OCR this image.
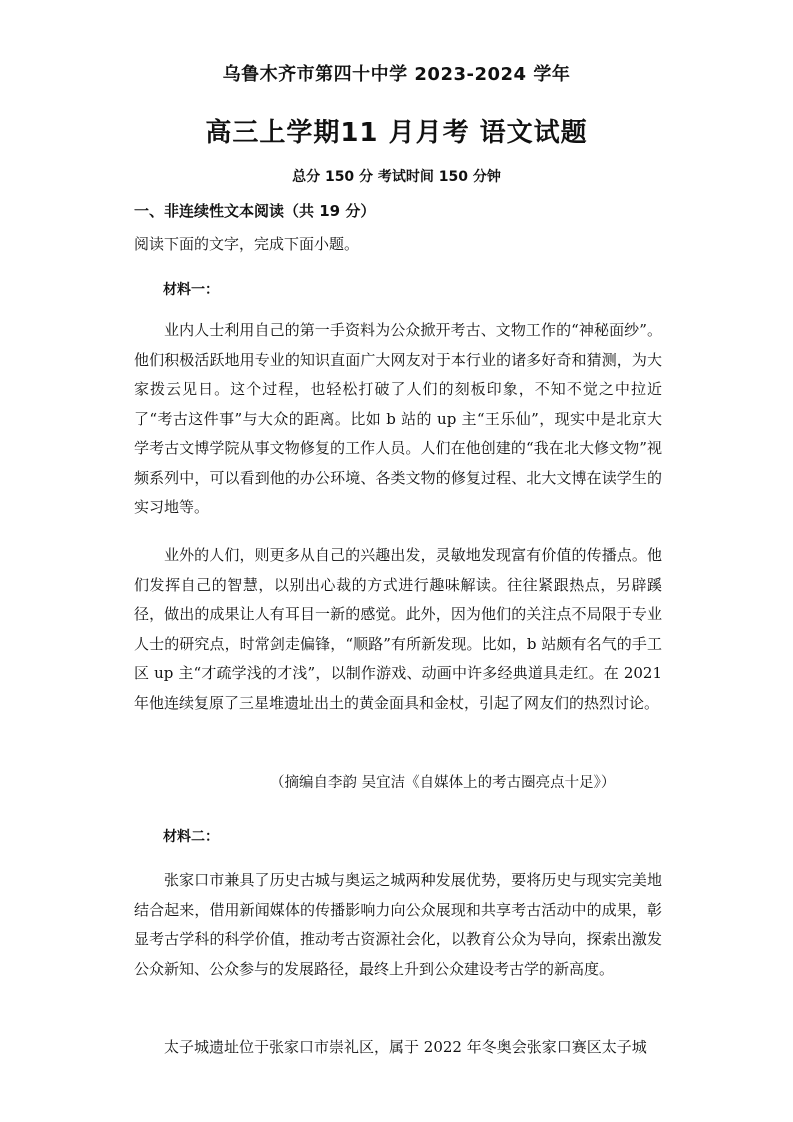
乌鲁木齐市第四十中学 2023-2024 学年
高三上学期11 月月考 语文试题
总分 150 分 考试时间 150 分钟
一、非连续性文本阅读（共 19 分）
阅读下面的文字，完成下面小题。
材料一：

业内人士利用自己的第一手资料为公众掀开考古、文物工作的“神秘面纱”。他们积极活跃地用专业的知识直面广大网友对于本行业的诸多好奇和猜测，为大家拨云见日。这个过程，也轻松打破了人们的刻板印象，不知不觉之中拉近了“考古这件事”与大众的距离。比如 b 站的 up 主“王乐仙”，现实中是北京大学考古文博学院从事文物修复的工作人员。人们在他创建的“我在北大修文物”视频系列中，可以看到他的办公环境、各类文物的修复过程、北大文博在读学生的实习地等。

业外的人们，则更多从自己的兴趣出发，灵敏地发现富有价值的传播点。他们发挥自己的智慧，以别出心裁的方式进行趣味解读。往往紧跟热点，另辟蹊径，做出的成果让人有耳目一新的感觉。此外，因为他们的关注点不局限于专业人士的研究点，时常剑走偏锋，“顺路”有所新发现。比如，b 站颇有名气的手工区 up 主“才疏学浅的才浅”，以制作游戏、动画中许多经典道具走红。在 2021 年他连续复原了三星堆遗址出土的黄金面具和金杖，引起了网友们的热烈讨论。

（摘编自李韵 吴宜洁《自媒体上的考古圈亮点十足》）
材料二：

张家口市兼具了历史古城与奥运之城两种发展优势，要将历史与现实完美地结合起来，借用新闻媒体的传播影响力向公众展现和共享考古活动中的成果，彰显考古学科的科学价值，推动考古资源社会化，以教育公众为导向，探索出激发公众新知、公众参与的发展路径，最终上升到公众建设考古学的新高度。

太子城遗址位于张家口市崇礼区，属于 2022 年冬奥会张家口赛区太子城
